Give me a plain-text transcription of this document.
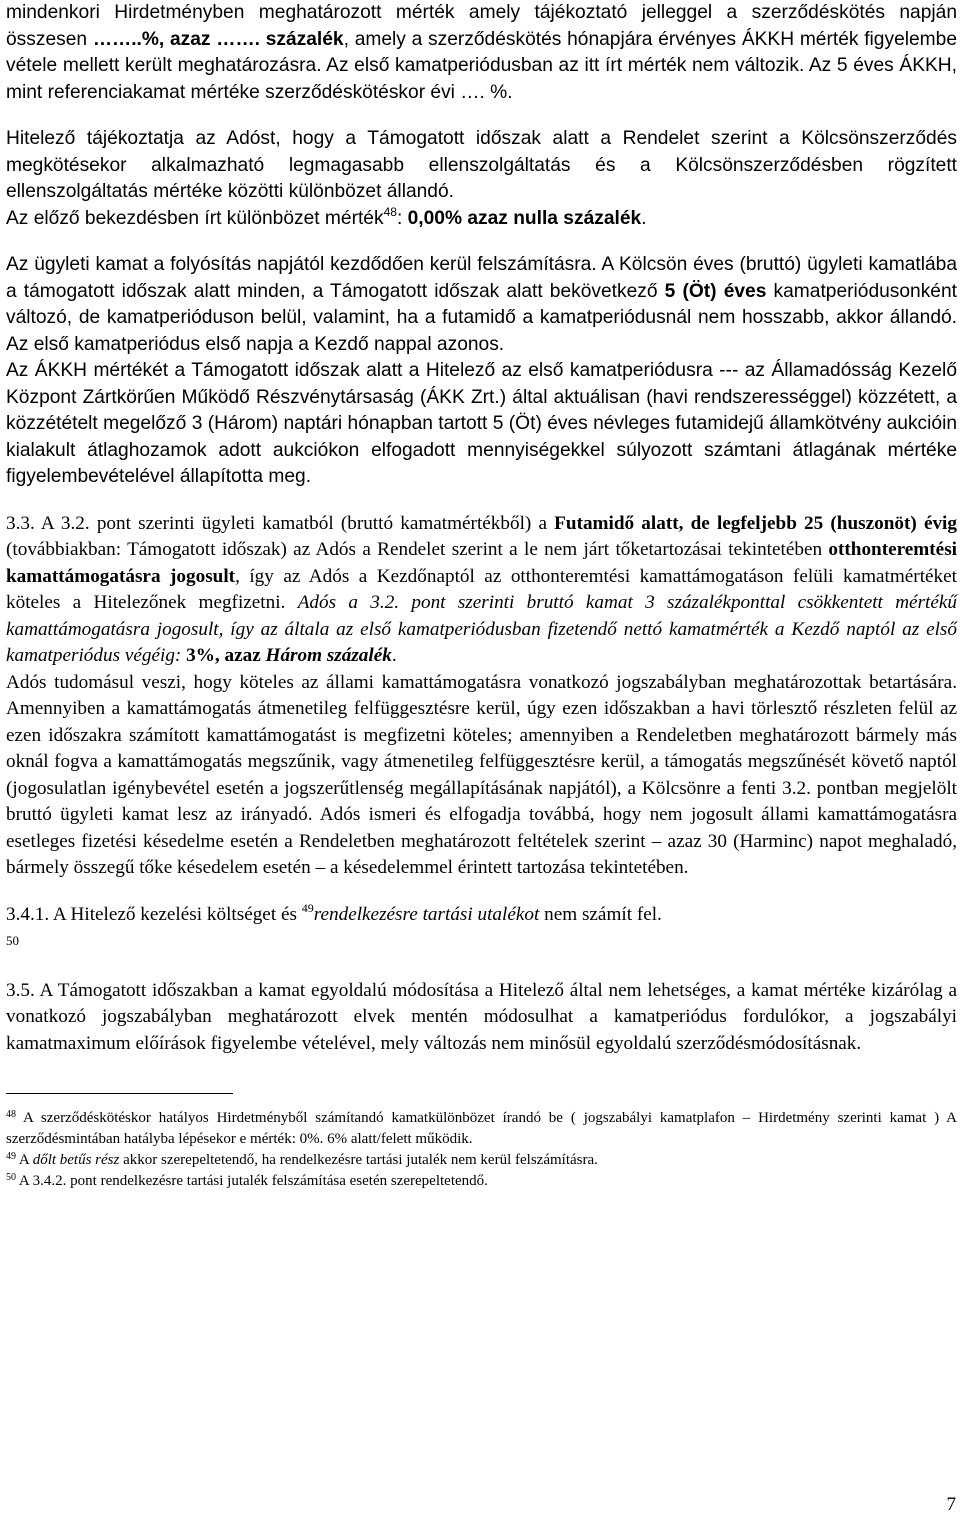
mindenkori Hirdetményben meghatározott mérték amely tájékoztató jelleggel a szerződéskötés napján összesen ……..%, azaz ……. százalék, amely a szerződéskötés hónapjára érvényes ÁKKH mérték figyelembe vétele mellett került meghatározásra. Az első kamatperiódusban az itt írt mérték nem változik. Az 5 éves ÁKKH, mint referenciakamat mértéke szerződéskötéskor évi …. %.

Hitelező tájékoztatja az Adóst, hogy a Támogatott időszak alatt a Rendelet szerint a Kölcsönszerződés megkötésekor alkalmazható legmagasabb ellenszolgáltatás és a Kölcsönszerződésben rögzített ellenszolgáltatás mértéke közötti különbözet állandó.
Az előző bekezdésben írt különbözet mérték$^{48}$: 0,00% azaz nulla százalék.

Az ügyleti kamat a folyósítás napjától kezdődően kerül felszámításra. A Kölcsön éves (bruttó) ügyleti kamatlába a támogatott időszak alatt minden, a Támogatott időszak alatt bekövetkező 5 (Öt) éves kamatperiódusonként változó, de kamatperióduson belül, valamint, ha a futamidő a kamatperiódusnál nem hosszabb, akkor állandó. Az első kamatperiódus első napja a Kezdő nappal azonos.

Az ÁKKH mértékét a Támogatott időszak alatt a Hitelező az első kamatperiódusra --- az Államadósság Kezelő Központ Zártkörűen Működő Részvénytársaság (ÁKK Zrt.) által aktuálisan (havi rendszerességgel) közzétett, a közzétételt megelőző 3 (Három) naptári hónapban tartott 5 (Öt) éves névleges futamidejű államkötvény aukcióin kialakult átlaghozamok adott aukciókon elfogadott mennyiségekkel súlyozott számtani átlagának mértéke figyelembevételével állapította meg.

3.3. A 3.2. pont szerinti ügyleti kamatból (bruttó kamatmértékből) a Futamidő alatt, de legfeljebb 25 (huszonöt) évig (továbbiakban: Támogatott időszak) az Adós a Rendelet szerint a le nem járt tőketartozásai tekintetében otthonteremtési kamattámogatásra jogosult, így az Adós a Kezdőnaptól az otthonteremtési kamattámogatáson felüli kamatmértéket köteles a Hitelezőnek megfizetni. Adós a 3.2. pont szerinti bruttó kamat 3 százalékponttal csökkentett mértékű kamattámogatásra jogosult, így az általa az első kamatperiódusban fizetendő nettó kamatmérték a Kezdő naptól az első kamatperiódus végéig: 3%, azaz Három százalék.

Adós tudomásul veszi, hogy köteles az állami kamattámogatásra vonatkozó jogszabályban meghatározottak betartására. Amennyiben a kamattámogatás átmenetileg felfüggesztésre kerül, úgy ezen időszakban a havi törlesztő részleten felül az ezen időszakra számított kamattámogatást is megfizetni köteles; amennyiben a Rendeletben meghatározott bármely más oknál fogva a kamattámogatás megszűnik, vagy átmenetileg felfüggesztésre kerül, a támogatás megszűnését követő naptól (jogosulatlan igénybevétel esetén a jogszerűtlenség megállapításának napjától), a Kölcsönre a fenti 3.2. pontban megjelölt bruttó ügyleti kamat lesz az irányadó. Adós ismeri és elfogadja továbbá, hogy nem jogosult állami kamattámogatásra esetleges fizetési késedelme esetén a Rendeletben meghatározott feltételek szerint – azaz 30 (Harminc) napot meghaladó, bármely összegű tőke késedelem esetén – a késedelemmel érintett tartozása tekintetében.

3.4.1. A Hitelező kezelési költséget és $^{49}$rendelkezésre tartási utalékot nem számít fel.
$^{50}$

3.5. A Támogatott időszakban a kamat egyoldalú módosítása a Hitelező által nem lehetséges, a kamat mértéke kizárólag a vonatkozó jogszabályban meghatározott elvek mentén módosulhat a kamatperiódus fordulókor, a jogszabályi kamatmaximum előírások figyelembe vételével, mely változás nem minősül egyoldalú szerződésmódosításnak.

$^{48}$ A szerződéskötéskor hatályos Hirdetményből számítandó kamatkülönbözet írandó be ( jogszabályi kamatplafon – Hirdetmény szerinti kamat ) A szerződésmintában hatályba lépésekor e mérték: 0%. 6% alatt/felett működik.

$^{49}$ A dőlt betűs rész akkor szerepeltetendő, ha rendelkezésre tartási jutalék nem kerül felszámításra.

$^{50}$ A 3.4.2. pont rendelkezésre tartási jutalék felszámítása esetén szerepeltetendő.

7
